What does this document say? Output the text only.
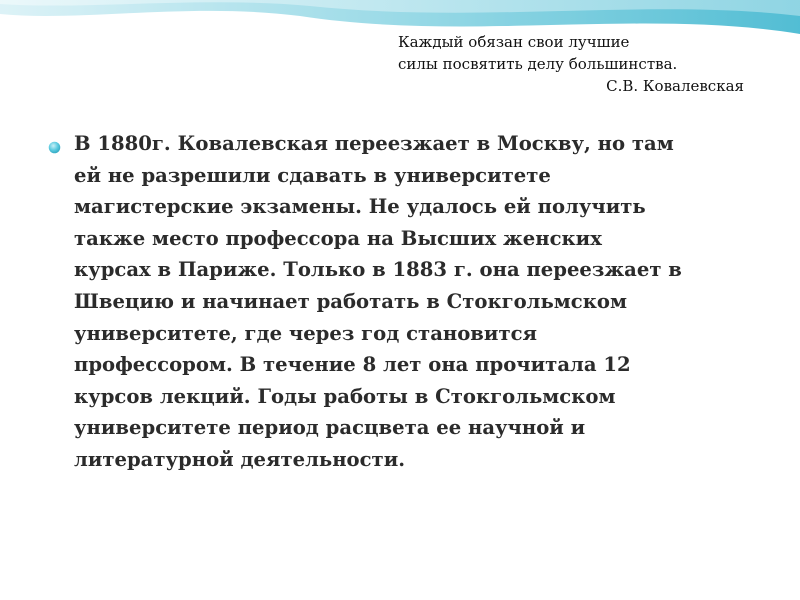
Каждый обязан свои лучшие
силы посвятить делу большинства.
С.В. Ковалевская
В 1880г. Ковалевская переезжает в Москву, но там
ей не разрешили сдавать в университете
магистерские экзамены. Не удалось ей получить
также место профессора на Высших женских
курсах в Париже. Только в 1883 г. она переезжает в
Швецию и начинает работать в Стокгольмском
университете, где через год становится
профессором. В течение 8 лет она прочитала 12
курсов лекций. Годы работы в Стокгольмском
университете период расцвета ее научной и
литературной деятельности.
